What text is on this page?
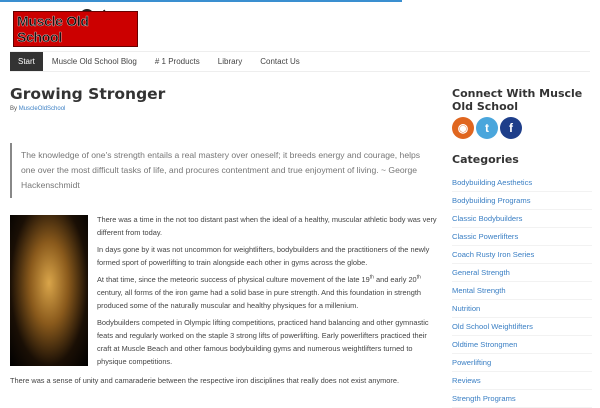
Muscle Old School
Start	Muscle Old School Blog	# 1 Products	Library	Contact Us
Growing Stronger
By MuscleOldSchool
The knowledge of one's strength entails a real mastery over oneself; it breeds energy and courage, helps one over the most difficult tasks of life, and procures contentment and true enjoyment of living. ~ George Hackenschmidt

There was a time in the not too distant past when the ideal of a healthy, muscular athletic body was very different from today.

In days gone by it was not uncommon for weightlifters, bodybuilders and the practitioners of the newly formed sport of powerlifting to train alongside each other in gyms across the globe.

At that time, since the meteoric success of physical culture movement of the late 19th and early 20th century, all forms of the iron game had a solid base in pure strength. And this foundation in strength produced some of the naturally muscular and healthy physiques for a millenium.

Bodybuilders competed in Olympic lifting competitions, practiced hand balancing and other gymnastic feats and regularly worked on the staple 3 strong lifts of powerlifting. Early powerlifters practiced their craft at Muscle Beach and other famous bodybuilding gyms and numerous weightlifters turned to physique competitions.

There was a sense of unity and camaraderie between the respective iron disciplines that really does not exist anymore.

Connect With Muscle Old School
◉	t	f
Categories
Bodybuilding Aesthetics
Bodybuilding Programs
Classic Bodybuilders
Classic Powerlifters
Coach Rusty Iron Series
General Strength
Mental Strength
Nutrition
Old School Weightlifters
Oldtime Strongmen
Powerlifting
Reviews
Strength Programs
